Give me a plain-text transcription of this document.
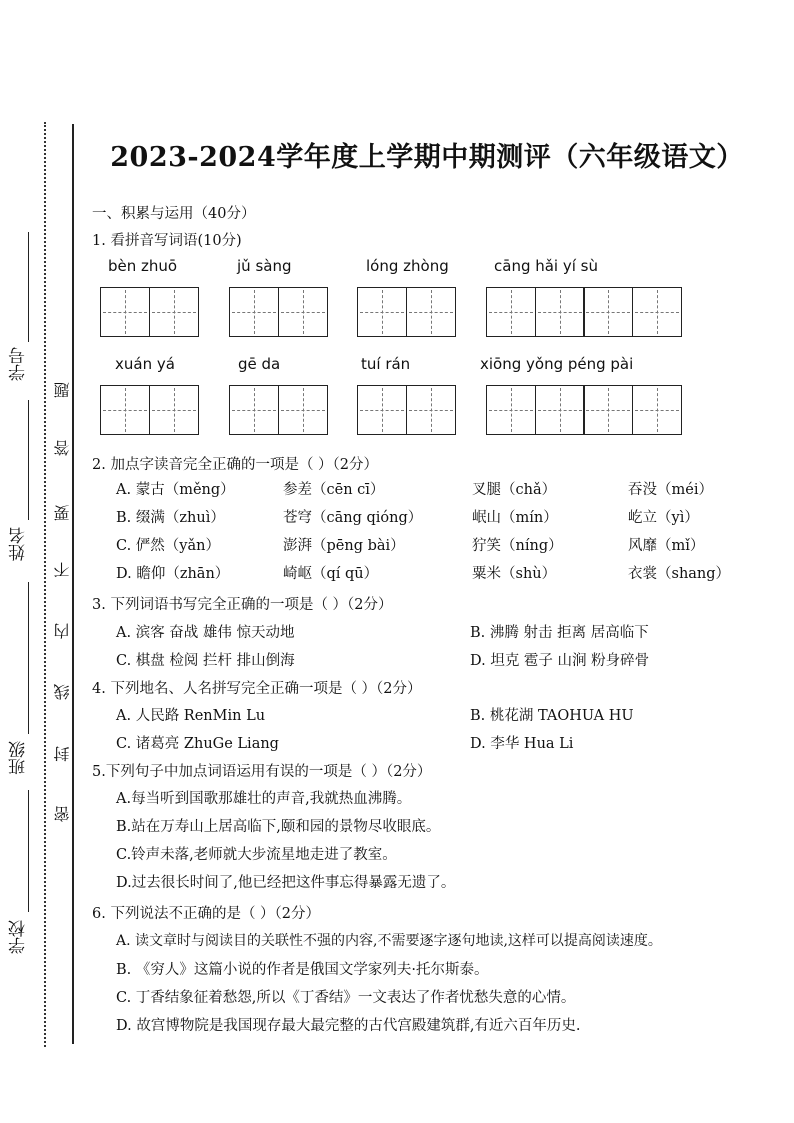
学号
姓名
班级
学校
题
答
要
不
内
线
封
密
2023-2024学年度上学期中期测评（六年级语文）
一、积累与运用（40分）
1. 看拼音写词语(10分)
bèn zhuō	jǔ sàng	lóng zhòng	cāng hǎi yí sù
xuán yá	gē da	tuí rán	xiōng yǒng péng pài
2. 加点字读音完全正确的一项是（ ）（2分）
A. 蒙古（měng）	参差（cēn cī）	叉腿（chǎ）	吞没（méi）
B. 缀满（zhuì）	苍穹（cāng qióng）	岷山（mín）	屹立（yì）
C. 俨然（yǎn）	澎湃（pēng bài）	狞笑（níng）	风靡（mǐ）
D. 瞻仰（zhān）	崎岖（qí qū）	粟米（shù）	衣裳（shang）
3. 下列词语书写完全正确的一项是（ ）（2分）
A. 滨客 奋战 雄伟 惊天动地	B. 沸腾 射击 拒离 居高临下
C. 棋盘 检阅 拦杆 排山倒海	D. 坦克 雹子 山涧 粉身碎骨
4. 下列地名、人名拼写完全正确一项是（ ）（2分）
A. 人民路 RenMin Lu	B. 桃花湖 TAOHUA HU
C. 诸葛亮 ZhuGe Liang	D. 李华 Hua Li
5.下列句子中加点词语运用有误的一项是（ ）（2分）
A.每当听到国歌那雄壮的声音,我就热血沸腾。
B.站在万寿山上居高临下,颐和园的景物尽收眼底。
C.铃声未落,老师就大步流星地走进了教室。
D.过去很长时间了,他已经把这件事忘得暴露无遗了。
6. 下列说法不正确的是（ ）（2分）
A. 读文章时与阅读目的关联性不强的内容,不需要逐字逐句地读,这样可以提高阅读速度。
B. 《穷人》这篇小说的作者是俄国文学家列夫·托尔斯泰。
C. 丁香结象征着愁怨,所以《丁香结》一文表达了作者忧愁失意的心情。
D. 故宫博物院是我国现存最大最完整的古代宫殿建筑群,有近六百年历史.
